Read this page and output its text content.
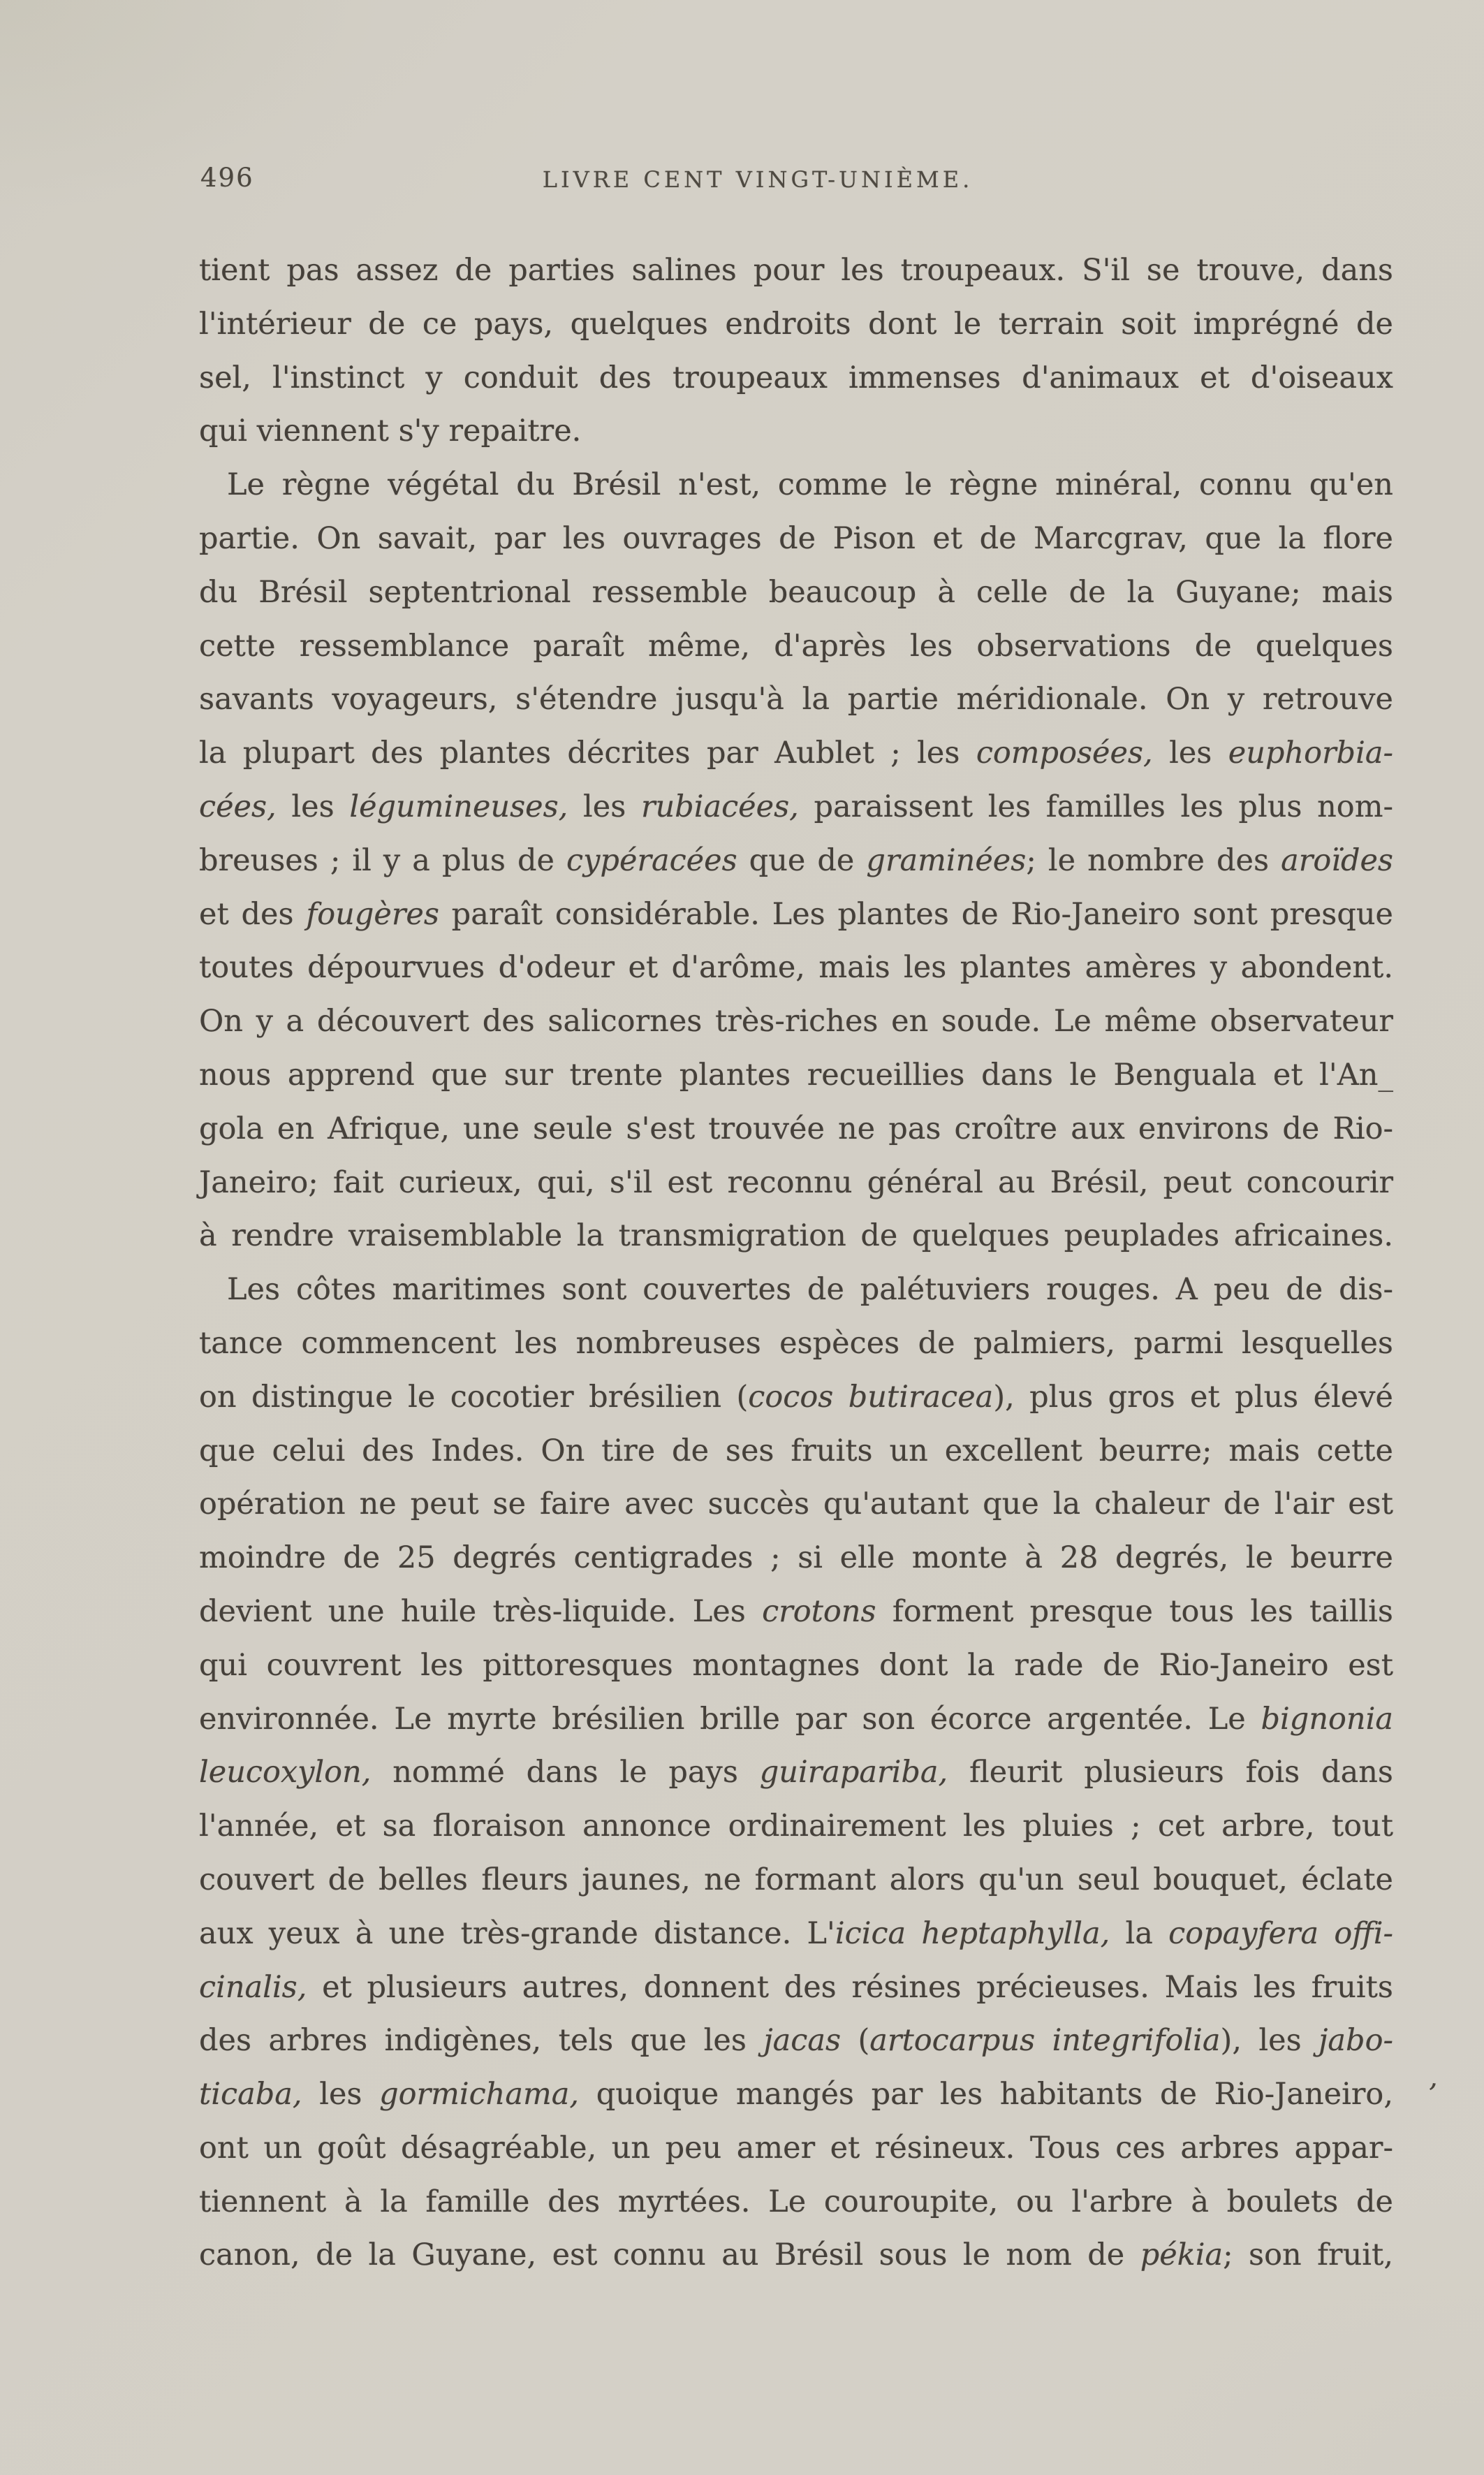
496	LIVRE CENT VINGT-UNIÈME.
tient pas assez de parties salines pour les troupeaux. S'il se trouve, dans
l'intérieur de ce pays, quelques endroits dont le terrain soit imprégné de
sel, l'instinct y conduit des troupeaux immenses d'animaux et d'oiseaux
qui viennent s'y repaitre.
Le règne végétal du Brésil n'est, comme le règne minéral, connu qu'en
partie. On savait, par les ouvrages de Pison et de Marcgrav, que la flore
du Brésil septentrional ressemble beaucoup à celle de la Guyane; mais
cette ressemblance paraît même, d'après les observations de quelques
savants voyageurs, s'étendre jusqu'à la partie méridionale. On y retrouve
la plupart des plantes décrites par Aublet ; les composées, les euphorbia-
cées, les légumineuses, les rubiacées, paraissent les familles les plus nom-
breuses ; il y a plus de cypéracées que de graminées; le nombre des aroïdes
et des fougères paraît considérable. Les plantes de Rio-Janeiro sont presque
toutes dépourvues d'odeur et d'arôme, mais les plantes amères y abondent.
On y a découvert des salicornes très-riches en soude. Le même observateur
nous apprend que sur trente plantes recueillies dans le Benguala et l'An_
gola en Afrique, une seule s'est trouvée ne pas croître aux environs de Rio-
Janeiro; fait curieux, qui, s'il est reconnu général au Brésil, peut concourir
à rendre vraisemblable la transmigration de quelques peuplades africaines.
Les côtes maritimes sont couvertes de palétuviers rouges. A peu de dis-
tance commencent les nombreuses espèces de palmiers, parmi lesquelles
on distingue le cocotier brésilien (cocos butiracea), plus gros et plus élevé
que celui des Indes. On tire de ses fruits un excellent beurre; mais cette
opération ne peut se faire avec succès qu'autant que la chaleur de l'air est
moindre de 25 degrés centigrades ; si elle monte à 28 degrés, le beurre
devient une huile très-liquide. Les crotons forment presque tous les taillis
qui couvrent les pittoresques montagnes dont la rade de Rio-Janeiro est
environnée. Le myrte brésilien brille par son écorce argentée. Le bignonia
leucoxylon, nommé dans le pays guirapariba, fleurit plusieurs fois dans
l'année, et sa floraison annonce ordinairement les pluies ; cet arbre, tout
couvert de belles fleurs jaunes, ne formant alors qu'un seul bouquet, éclate
aux yeux à une très-grande distance. L'icica heptaphylla, la copayfera offi-
cinalis, et plusieurs autres, donnent des résines précieuses. Mais les fruits
des arbres indigènes, tels que les jacas (artocarpus integrifolia), les jabo-
ticaba, les gormichama, quoique mangés par les habitants de Rio-Janeiro,
ont un goût désagréable, un peu amer et résineux. Tous ces arbres appar-
tiennent à la famille des myrtées. Le couroupite, ou l'arbre à boulets de
canon, de la Guyane, est connu au Brésil sous le nom de pékia; son fruit,
,
